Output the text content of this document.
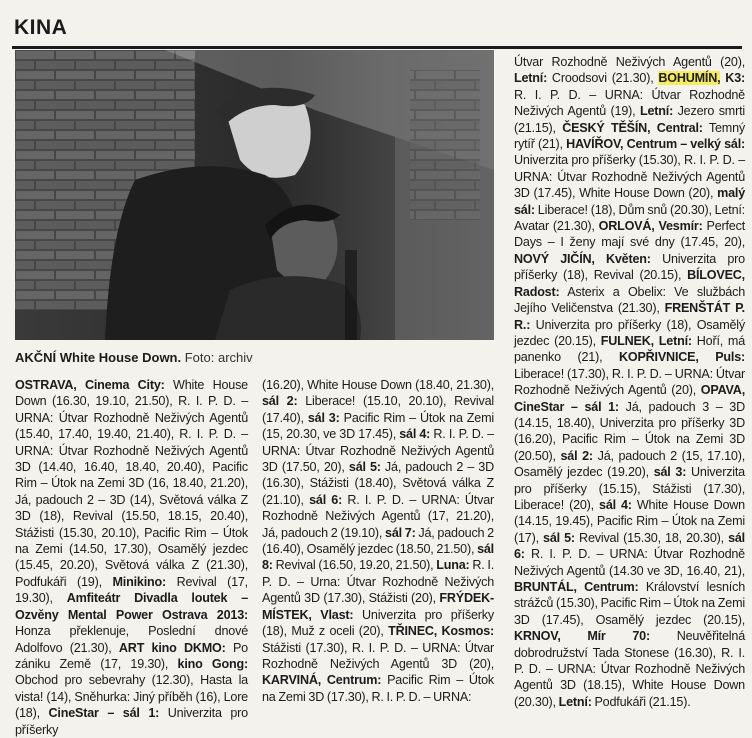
KINA
AKČNÍ White House Down. Foto: archiv
OSTRAVA, Cinema City: White House Down (16.30, 19.10, 21.50), R. I. P. D. – URNA: Útvar Rozhodně Neživých Agentů (15.40, 17.40, 19.40, 21.40), R. I. P. D. – URNA: Útvar Rozhodně Neživých Agentů 3D (14.40, 16.40, 18.40, 20.40), Pacific Rim – Útok na Zemi 3D (16, 18.40, 21.20), Já, padouch 2 – 3D (14), Světová válka Z 3D (18), Revival (15.50, 18.15, 20.40), Stážisti (15.30, 20.10), Pacific Rim – Útok na Zemi (14.50, 17.30), Osamělý jezdec (15.45, 20.20), Světová válka Z (21.30), Podfukáři (19), Minikino: Revival (17, 19.30), Amfiteátr Divadla loutek – Ozvěny Mental Power Ostrava 2013: Honza překlenuje, Poslední dnové Adolfovo (21.30), ART kino DKMO: Po zániku Země (17, 19.30), kino Gong: Obchod pro sebevrahy (12.30), Hasta la vista! (14), Sněhurka: Jiný příběh (16), Lore (18), CineStar – sál 1: Univerzita pro příšerky
(16.20), White House Down (18.40, 21.30), sál 2: Liberace! (15.10, 20.10), Revival (17.40), sál 3: Pacific Rim – Útok na Zemi (15, 20.30, ve 3D 17.45), sál 4: R. I. P. D. – URNA: Útvar Rozhodně Neživých Agentů 3D (17.50, 20), sál 5: Já, padouch 2 – 3D (16.30), Stážisti (18.40), Světová válka Z (21.10), sál 6: R. I. P. D. – URNA: Útvar Rozhodně Neživých Agentů (17, 21.20), Já, padouch 2 (19.10), sál 7: Já, padouch 2 (16.40), Osamělý jezdec (18.50, 21.50), sál 8: Revival (16.50, 19.20, 21.50), Luna: R. I. P. D. – Urna: Útvar Rozhodně Neživých Agentů 3D (17.30), Stážisti (20), FRÝDEK-MÍSTEK, Vlast: Univerzita pro příšerky (18), Muž z oceli (20), TŘINEC, Kosmos: Stážisti (17.30), R. I. P. D. – URNA: Útvar Rozhodně Neživých Agentů 3D (20), KARVINÁ, Centrum: Pacific Rim – Útok na Zemi 3D (17.30), R. I. P. D. – URNA:
Útvar Rozhodně Neživých Agentů (20), Letní: Croodsovi (21.30), BOHUMÍN, K3: R. I. P. D. – URNA: Útvar Rozhodně Neživých Agentů (19), Letní: Jezero smrti (21.15), ČESKÝ TĚŠÍN, Central: Temný rytíř (21), HAVÍŘOV, Centrum – velký sál: Univerzita pro příšerky (15.30), R. I. P. D. – URNA: Útvar Rozhodně Neživých Agentů 3D (17.45), White House Down (20), malý sál: Liberace! (18), Dům snů (20.30), Letní: Avatar (21.30), ORLOVÁ, Vesmír: Perfect Days – I ženy mají své dny (17.45, 20), NOVÝ JIČÍN, Květen: Univerzita pro příšerky (18), Revival (20.15), BÍLOVEC, Radost: Asterix a Obelix: Ve službách Jejího Veličenstva (21.30), FRENŠTÁT P. R.: Univerzita pro příšerky (18), Osamělý jezdec (20.15), FULNEK, Letní: Hoří, má panenko (21), KOPŘIVNICE, Puls: Liberace! (17.30), R. I. P. D. – URNA: Útvar Rozhodně Neživých Agentů (20), OPAVA, CineStar – sál 1: Já, padouch 3 – 3D (14.15, 18.40), Univerzita pro příšerky 3D (16.20), Pacific Rim – Útok na Zemi 3D (20.50), sál 2: Já, padouch 2 (15, 17.10), Osamělý jezdec (19.20), sál 3: Univerzita pro příšerky (15.15), Stážisti (17.30), Liberace! (20), sál 4: White House Down (14.15, 19.45), Pacific Rim – Útok na Zemi (17), sál 5: Revival (15.30, 18, 20.30), sál 6: R. I. P. D. – URNA: Útvar Rozhodně Neživých Agentů (14.30 ve 3D, 16.40, 21), BRUNTÁL, Centrum: Království lesních strážců (15.30), Pacific Rim – Útok na Zemi 3D (17.45), Osamělý jezdec (20.15), KRNOV, Mír 70: Neuvěřitelná dobrodružství Tada Stonese (16.30), R. I. P. D. – URNA: Útvar Rozhodně Neživých Agentů 3D (18.15), White House Down (20.30), Letní: Podfukáři (21.15).
